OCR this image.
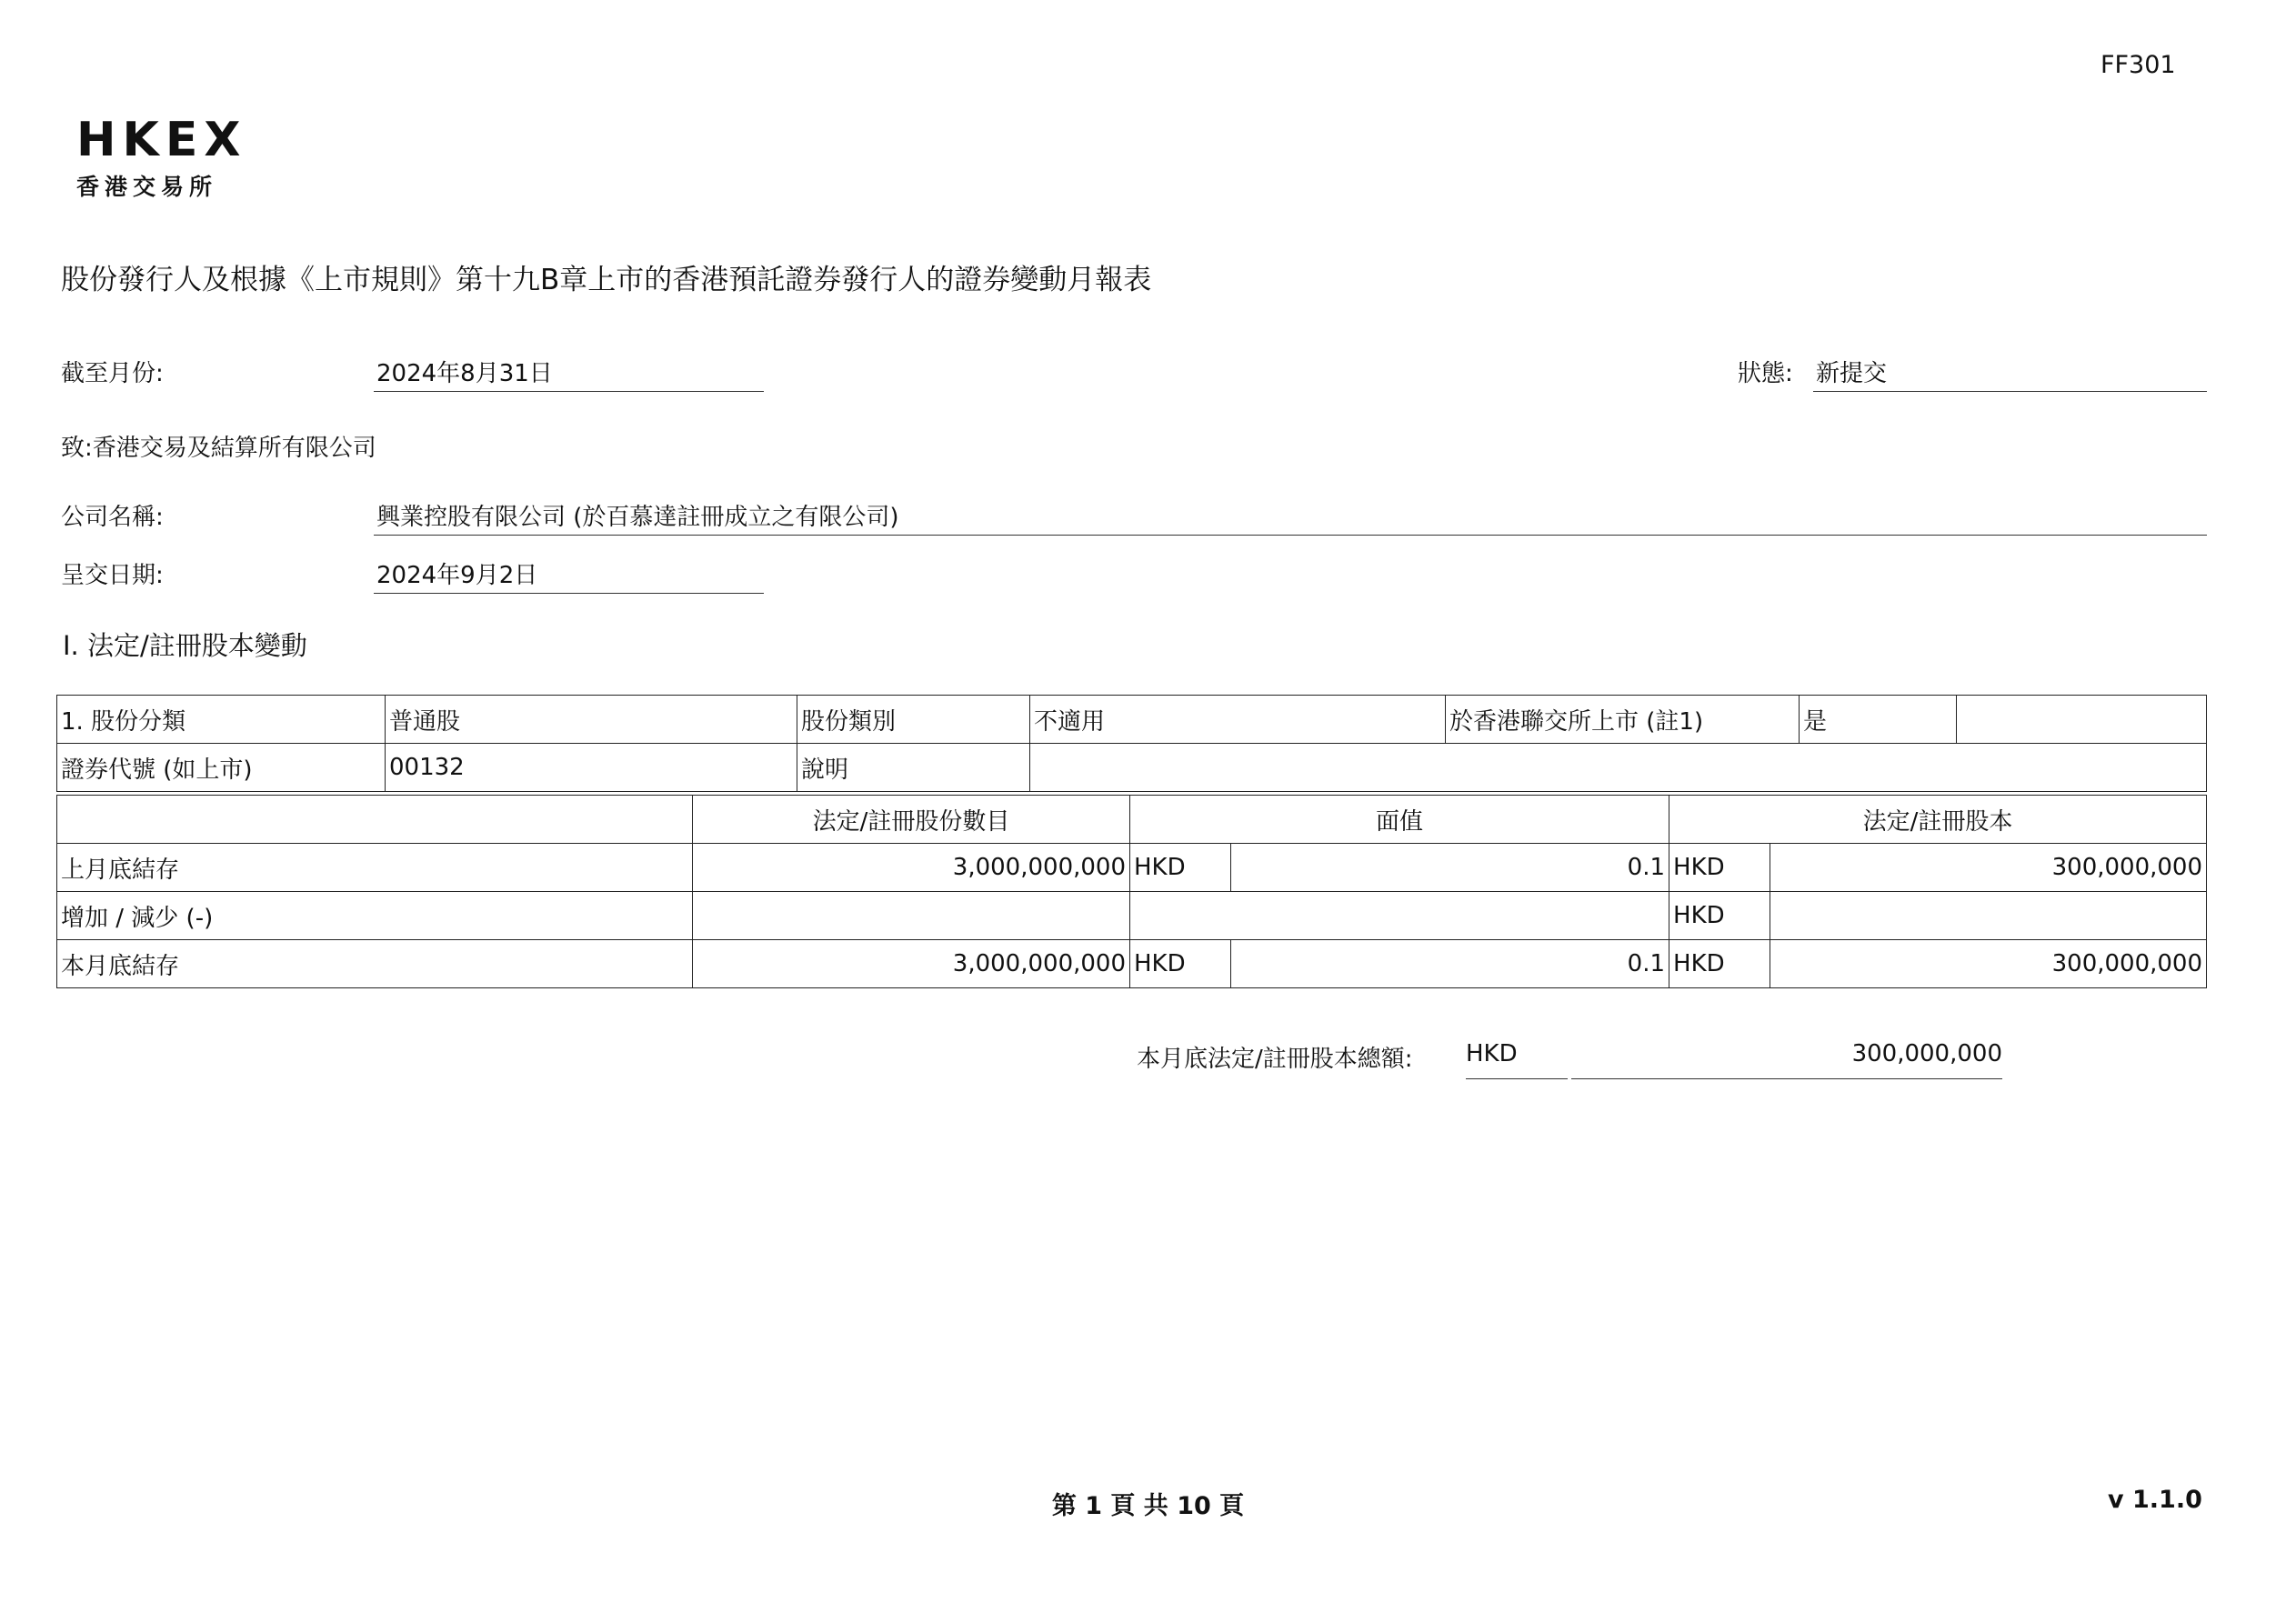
FF301
HKEX
香港交易所
股份發行人及根據《上市規則》第十九B章上市的香港預託證券發行人的證券變動月報表
截至月份:	2024年8月31日	狀態: 新提交
致:香港交易及結算所有限公司
公司名稱:	興業控股有限公司 (於百慕達註冊成立之有限公司)
呈交日期:	2024年9月2日
I. 法定/註冊股本變動
1. 股份分類	普通股	股份類別	不適用	於香港聯交所上市 (註1)	是	
證券代號 (如上市)	00132	說明				
	法定/註冊股份數目	面值		法定/註冊股本	
上月底結存	3,000,000,000	HKD	0.1	HKD	300,000,000
增加 / 減少 (-)				HKD	
本月底結存	3,000,000,000	HKD	0.1	HKD	300,000,000
本月底法定/註冊股本總額: HKD	300,000,000
第 1 頁 共 10 頁	v 1.1.0
